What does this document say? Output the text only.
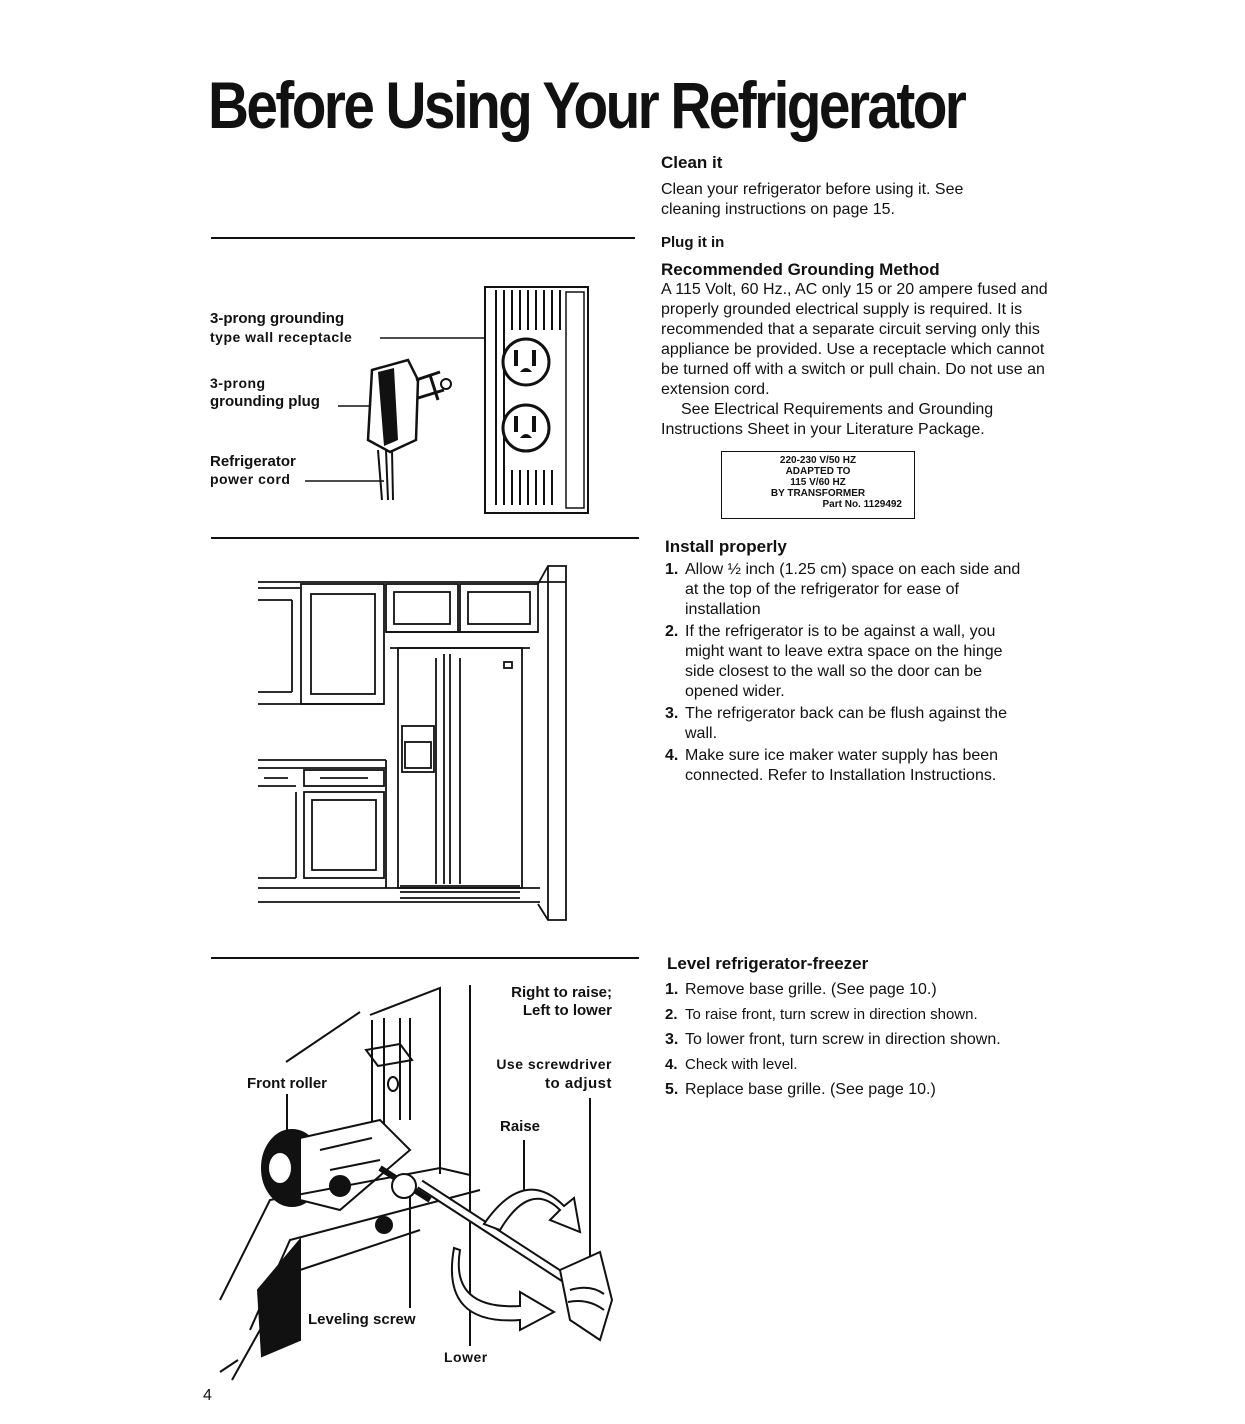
Before Using Your Refrigerator
Clean it
Clean your refrigerator before using it. See cleaning instructions on page 15.
Plug it in
Recommended Grounding Method
A 115 Volt, 60 Hz., AC only 15 or 20 ampere fused and properly grounded electrical supply is required. It is recommended that a separate circuit serving only this appliance be provided. Use a receptacle which cannot be turned off with a switch or pull chain. Do not use an extension cord.
See Electrical Requirements and Grounding Instructions Sheet in your Literature Package.
220-230 V/50 HZ
ADAPTED TO
115 V/60 HZ
BY TRANSFORMER
Part No. 1129492
3-prong grounding
type wall receptacle
3-prong
grounding plug
Refrigerator
power cord
Install properly
1. Allow ½ inch (1.25 cm) space on each side and at the top of the refrigerator for ease of installation
2. If the refrigerator is to be against a wall, you might want to leave extra space on the hinge side closest to the wall so the door can be opened wider.
3. The refrigerator back can be flush against the wall.
4. Make sure ice maker water supply has been connected. Refer to Installation Instructions.
Level refrigerator-freezer
1. Remove base grille. (See page 10.)
2. To raise front, turn screw in direction shown.
3. To lower front, turn screw in direction shown.
4. Check with level.
5. Replace base grille. (See page 10.)
Right to raise;
Left to lower
Use screwdriver
to adjust
Front roller
Raise
Leveling screw
Lower
4
